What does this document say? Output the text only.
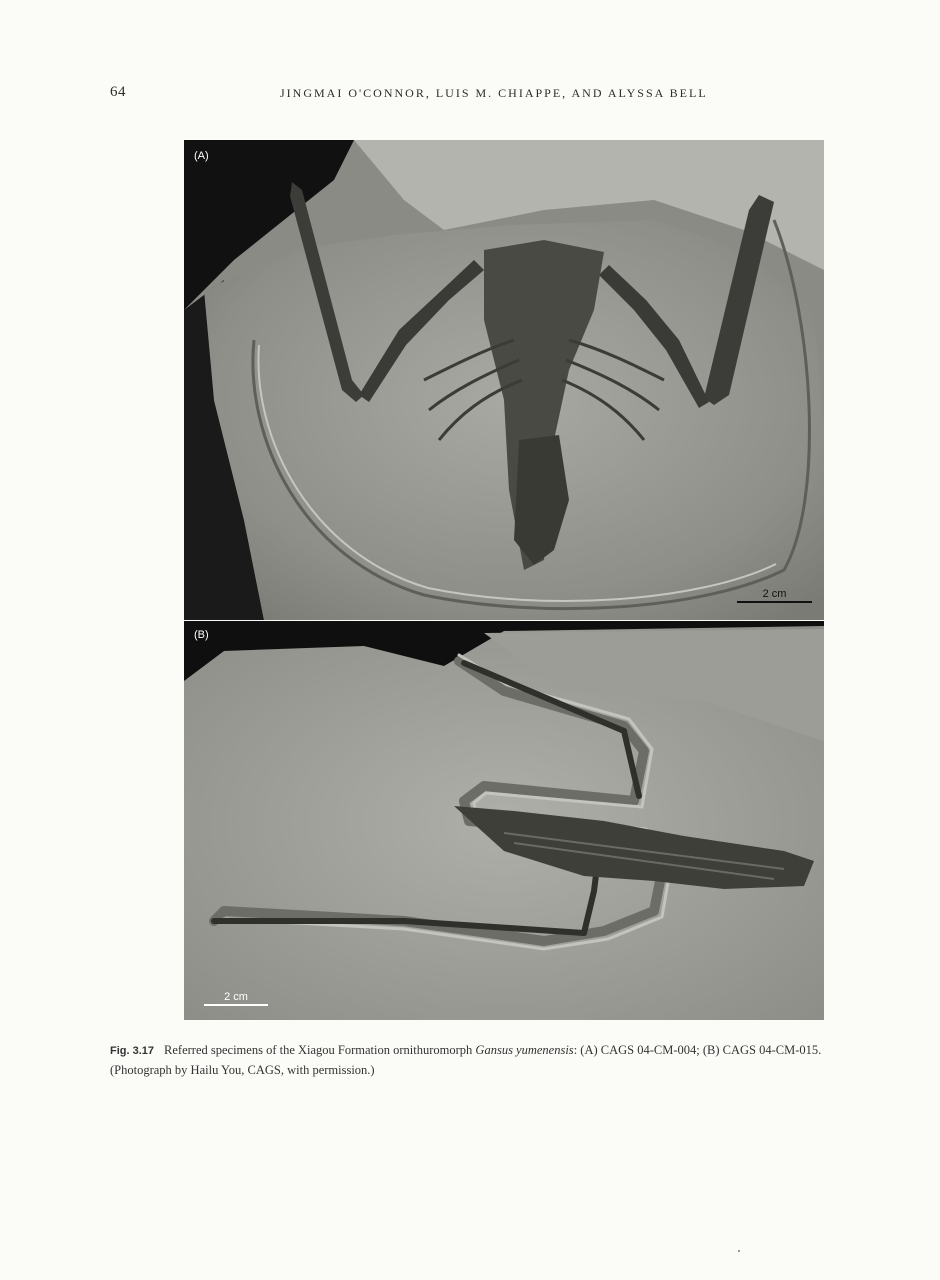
64	JINGMAI O'CONNOR, LUIS M. CHIAPPE, AND ALYSSA BELL
(A)
2 cm
(B)
2 cm
Fig. 3.17 Referred specimens of the Xiagou Formation ornithuromorph Gansus yumenensis: (A) CAGS 04-CM-004; (B) CAGS 04-CM-015. (Photograph by Hailu You, CAGS, with permission.)
